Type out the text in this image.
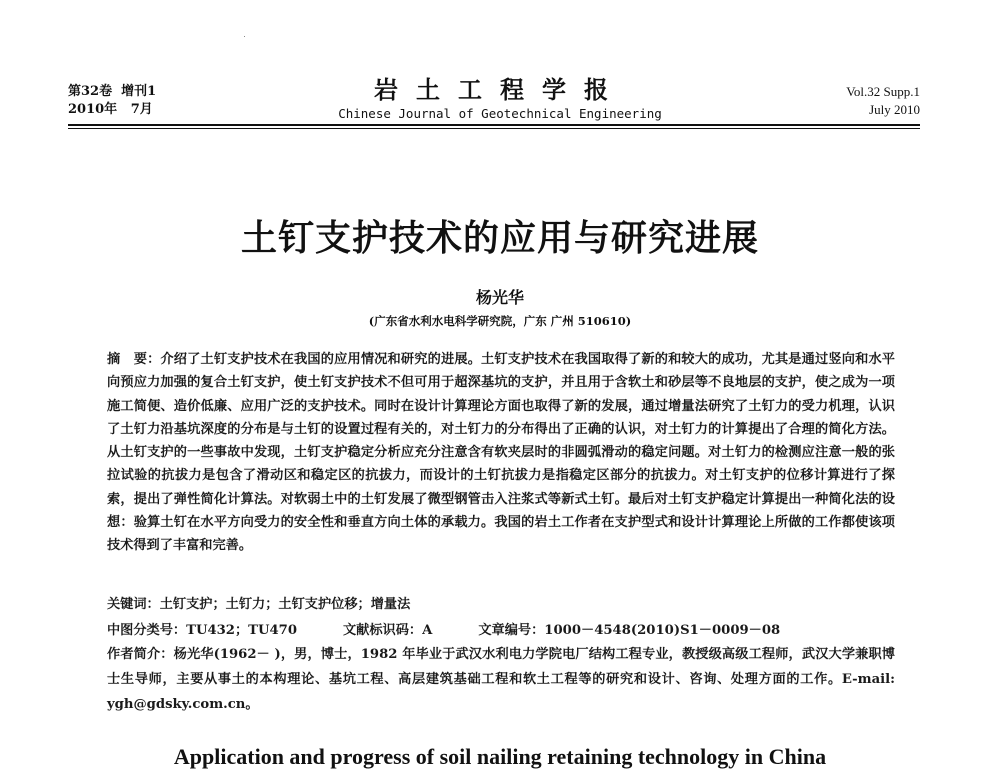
第32卷  增刊1
2010年   7月
岩土工程学报
Chinese Journal of Geotechnical Engineering
Vol.32 Supp.1
July 2010
土钉支护技术的应用与研究进展
杨光华
(广东省水利水电科学研究院，广东 广州 510610)
摘　要：介绍了土钉支护技术在我国的应用情况和研究的进展。土钉支护技术在我国取得了新的和较大的成功，尤其是通过竖向和水平向预应力加强的复合土钉支护，使土钉支护技术不但可用于超深基坑的支护，并且用于含软土和砂层等不良地层的支护，使之成为一项施工简便、造价低廉、应用广泛的支护技术。同时在设计计算理论方面也取得了新的发展，通过增量法研究了土钉力的受力机理，认识了土钉力沿基坑深度的分布是与土钉的设置过程有关的，对土钉力的分布得出了正确的认识，对土钉力的计算提出了合理的简化方法。从土钉支护的一些事故中发现，土钉支护稳定分析应充分注意含有软夹层时的非圆弧滑动的稳定问题。对土钉力的检测应注意一般的张拉试验的抗拔力是包含了滑动区和稳定区的抗拔力，而设计的土钉抗拔力是指稳定区部分的抗拔力。对土钉支护的位移计算进行了探索，提出了弹性简化计算法。对软弱土中的土钉发展了微型钢管击入注浆式等新式土钉。最后对土钉支护稳定计算提出一种简化法的设想：验算土钉在水平方向受力的安全性和垂直方向土体的承载力。我国的岩土工作者在支护型式和设计计算理论上所做的工作都使该项技术得到了丰富和完善。
关键词：土钉支护；土钉力；土钉支护位移；增量法
中图分类号：TU432；TU470	文献标识码：A	文章编号：1000－4548(2010)S1－0009－08
作者简介：杨光华(1962－ )，男，博士，1982 年毕业于武汉水利电力学院电厂结构工程专业，教授级高级工程师，武汉大学兼职博士生导师，主要从事土的本构理论、基坑工程、高层建筑基础工程和软土工程等的研究和设计、咨询、处理方面的工作。E-mail: ygh@gdsky.com.cn。
Application and progress of soil nailing retaining technology in China
